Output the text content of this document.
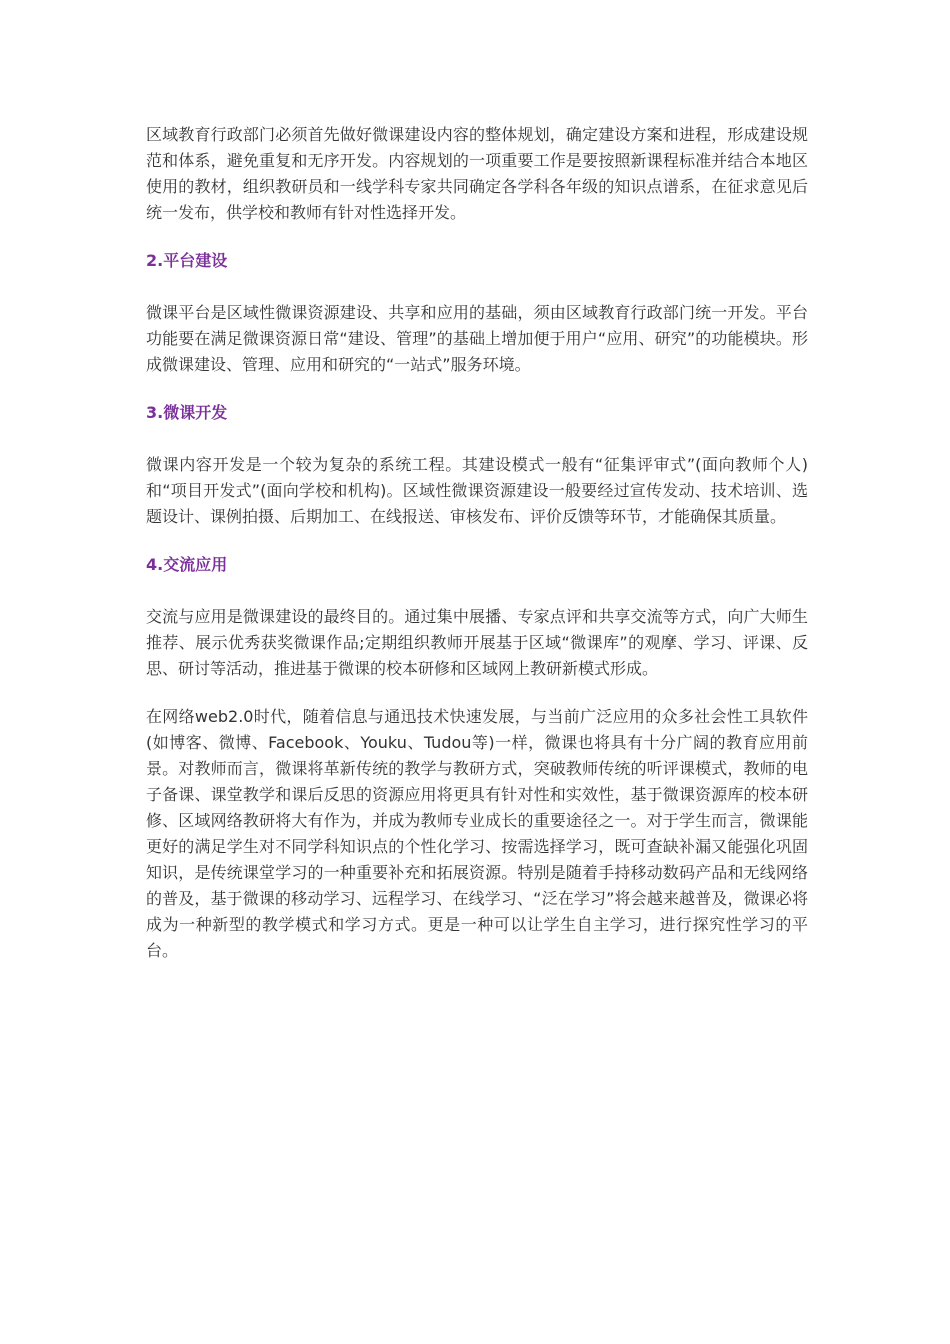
区域教育行政部门必须首先做好微课建设内容的整体规划，确定建设方案和进程，形成建设规范和体系，避免重复和无序开发。内容规划的一项重要工作是要按照新课程标准并结合本地区使用的教材，组织教研员和一线学科专家共同确定各学科各年级的知识点谱系，在征求意见后统一发布，供学校和教师有针对性选择开发。

2.平台建设

微课平台是区域性微课资源建设、共享和应用的基础，须由区域教育行政部门统一开发。平台功能要在满足微课资源日常“建设、管理”的基础上增加便于用户“应用、研究”的功能模块。形成微课建设、管理、应用和研究的“一站式”服务环境。

3.微课开发

微课内容开发是一个较为复杂的系统工程。其建设模式一般有“征集评审式”(面向教师个人)和“项目开发式”(面向学校和机构)。区域性微课资源建设一般要经过宣传发动、技术培训、选题设计、课例拍摄、后期加工、在线报送、审核发布、评价反馈等环节，才能确保其质量。

4.交流应用

交流与应用是微课建设的最终目的。通过集中展播、专家点评和共享交流等方式，向广大师生推荐、展示优秀获奖微课作品;定期组织教师开展基于区域“微课库”的观摩、学习、评课、反思、研讨等活动，推进基于微课的校本研修和区域网上教研新模式形成。

在网络web2.0时代，随着信息与通迅技术快速发展，与当前广泛应用的众多社会性工具软件(如博客、微博、Facebook、Youku、Tudou等)一样，微课也将具有十分广阔的教育应用前景。对教师而言，微课将革新传统的教学与教研方式，突破教师传统的听评课模式，教师的电子备课、课堂教学和课后反思的资源应用将更具有针对性和实效性，基于微课资源库的校本研修、区域网络教研将大有作为，并成为教师专业成长的重要途径之一。对于学生而言，微课能更好的满足学生对不同学科知识点的个性化学习、按需选择学习，既可查缺补漏又能强化巩固知识，是传统课堂学习的一种重要补充和拓展资源。特别是随着手持移动数码产品和无线网络的普及，基于微课的移动学习、远程学习、在线学习、“泛在学习”将会越来越普及，微课必将成为一种新型的教学模式和学习方式。更是一种可以让学生自主学习，进行探究性学习的平台。
